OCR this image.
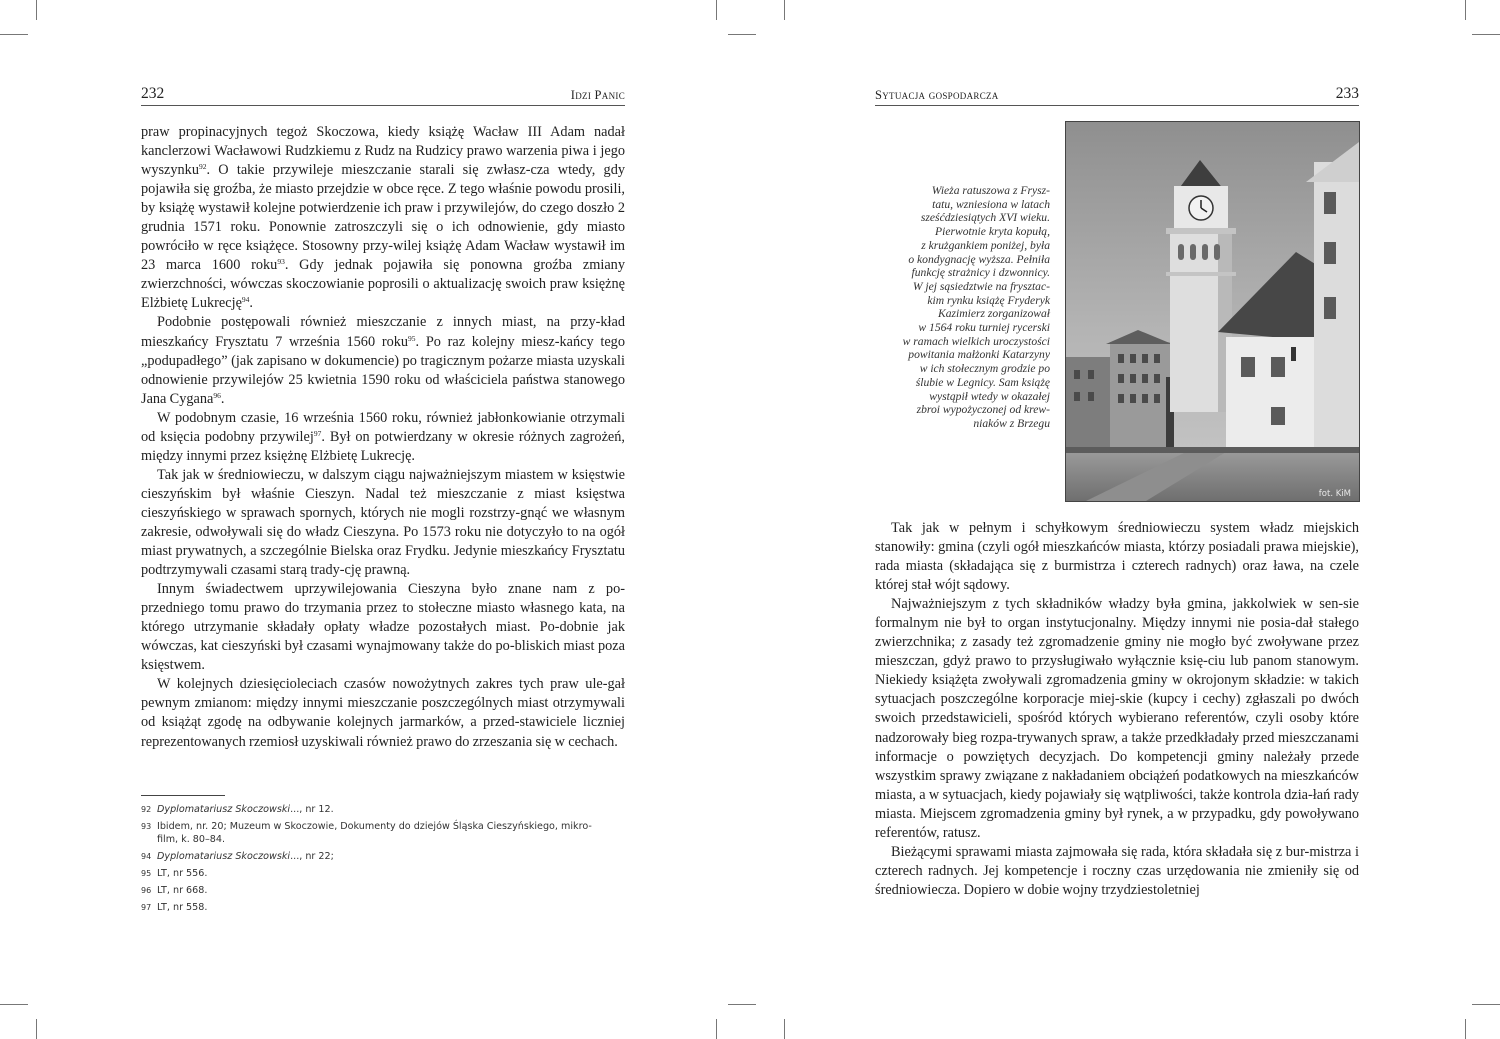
232	Idzi Panic

praw propinacyjnych tegoż Skoczowa, kiedy książę Wacław III Adam nadał kanclerzowi Wacławowi Rudzkiemu z Rudz na Rudzicy prawo warzenia piwa i jego wyszynku$^{92}$. O takie przywileje mieszczanie starali się zwłasz-cza wtedy, gdy pojawiła się groźba, że miasto przejdzie w obce ręce. Z tego właśnie powodu prosili, by książę wystawił kolejne potwierdzenie ich praw i przywilejów, do czego doszło 2 grudnia 1571 roku. Ponownie zatroszczyli się o ich odnowienie, gdy miasto powróciło w ręce książęce. Stosowny przy-wilej książę Adam Wacław wystawił im 23 marca 1600 roku$^{93}$. Gdy jednak pojawiła się ponowna groźba zmiany zwierzchności, wówczas skoczowianie poprosili o aktualizację swoich praw księżnę Elżbietę Lukrecję$^{94}$.

Podobnie postępowali również mieszczanie z innych miast, na przy-kład mieszkańcy Frysztatu 7 września 1560 roku$^{95}$. Po raz kolejny miesz-kańcy tego „podupadłego” (jak zapisano w dokumencie) po tragicznym pożarze miasta uzyskali odnowienie przywilejów 25 kwietnia 1590 roku od właściciela państwa stanowego Jana Cygana$^{96}$.

W podobnym czasie, 16 września 1560 roku, również jabłonkowianie otrzymali od księcia podobny przywilej$^{97}$. Był on potwierdzany w okresie różnych zagrożeń, między innymi przez księżnę Elżbietę Lukrecję.

Tak jak w średniowieczu, w dalszym ciągu najważniejszym miastem w księstwie cieszyńskim był właśnie Cieszyn. Nadal też mieszczanie z miast księstwa cieszyńskiego w sprawach spornych, których nie mogli rozstrzy-gnąć we własnym zakresie, odwoływali się do władz Cieszyna. Po 1573 roku nie dotyczyło to na ogół miast prywatnych, a szczególnie Bielska oraz Frydku. Jedynie mieszkańcy Frysztatu podtrzymywali czasami starą trady-cję prawną.

Innym świadectwem uprzywilejowania Cieszyna było znane nam z po-przedniego tomu prawo do trzymania przez to stołeczne miasto własnego kata, na którego utrzymanie składały opłaty władze pozostałych miast. Po-dobnie jak wówczas, kat cieszyński był czasami wynajmowany także do po-bliskich miast poza księstwem.

W kolejnych dziesięcioleciach czasów nowożytnych zakres tych praw ule-gał pewnym zmianom: między innymi mieszczanie poszczególnych miast otrzymywali od książąt zgodę na odbywanie kolejnych jarmarków, a przed-stawiciele liczniej reprezentowanych rzemiosł uzyskiwali również prawo do zrzeszania się w cechach.

92 Dyplomatariusz Skoczowski..., nr 12.
93 Ibidem, nr. 20; Muzeum w Skoczowie, Dokumenty do dziejów Śląska Cieszyńskiego, mikro-
film, k. 80–84.
94 Dyplomatariusz Skoczowski..., nr 22;
95 LT, nr 556.
96 LT, nr 668.
97 LT, nr 558.
Sytuacja gospodarcza	233
Wieża ratuszowa z Frysz-
tatu, wzniesiona w latach
sześćdziesiątych XVI wieku.
Pierwotnie kryta kopułą,
z krużgankiem poniżej, była
o kondygnację wyższa. Pełniła
funkcję strażnicy i dzwonnicy.
W jej sąsiedztwie na frysztac-
kim rynku książę Fryderyk
Kazimierz zorganizował
w 1564 roku turniej rycerski
w ramach wielkich uroczystości
powitania małżonki Katarzyny
w ich stołecznym grodzie po
ślubie w Legnicy. Sam książę
wystąpił wtedy w okazałej
zbroi wypożyczonej od krew-
niaków z Brzegu
fot. KiM

Tak jak w pełnym i schyłkowym średniowieczu system władz miejskich stanowiły: gmina (czyli ogół mieszkańców miasta, którzy posiadali prawa miejskie), rada miasta (składająca się z burmistrza i czterech radnych) oraz ława, na czele której stał wójt sądowy.

Najważniejszym z tych składników władzy była gmina, jakkolwiek w sen-sie formalnym nie był to organ instytucjonalny. Między innymi nie posia-dał stałego zwierzchnika; z zasady też zgromadzenie gminy nie mogło być zwoływane przez mieszczan, gdyż prawo to przysługiwało wyłącznie księ-ciu lub panom stanowym. Niekiedy książęta zwoływali zgromadzenia gminy w okrojonym składzie: w takich sytuacjach poszczególne korporacje miej-skie (kupcy i cechy) zgłaszali po dwóch swoich przedstawicieli, spośród których wybierano referentów, czyli osoby które nadzorowały bieg rozpa-trywanych spraw, a także przedkładały przed mieszczanami informacje o powziętych decyzjach. Do kompetencji gminy należały przede wszystkim sprawy związane z nakładaniem obciążeń podatkowych na mieszkańców miasta, a w sytuacjach, kiedy pojawiały się wątpliwości, także kontrola dzia-łań rady miasta. Miejscem zgromadzenia gminy był rynek, a w przypadku, gdy powoływano referentów, ratusz.

Bieżącymi sprawami miasta zajmowała się rada, która składała się z bur-mistrza i czterech radnych. Jej kompetencje i roczny czas urzędowania nie zmieniły się od średniowiecza. Dopiero w dobie wojny trzydziestoletniej
